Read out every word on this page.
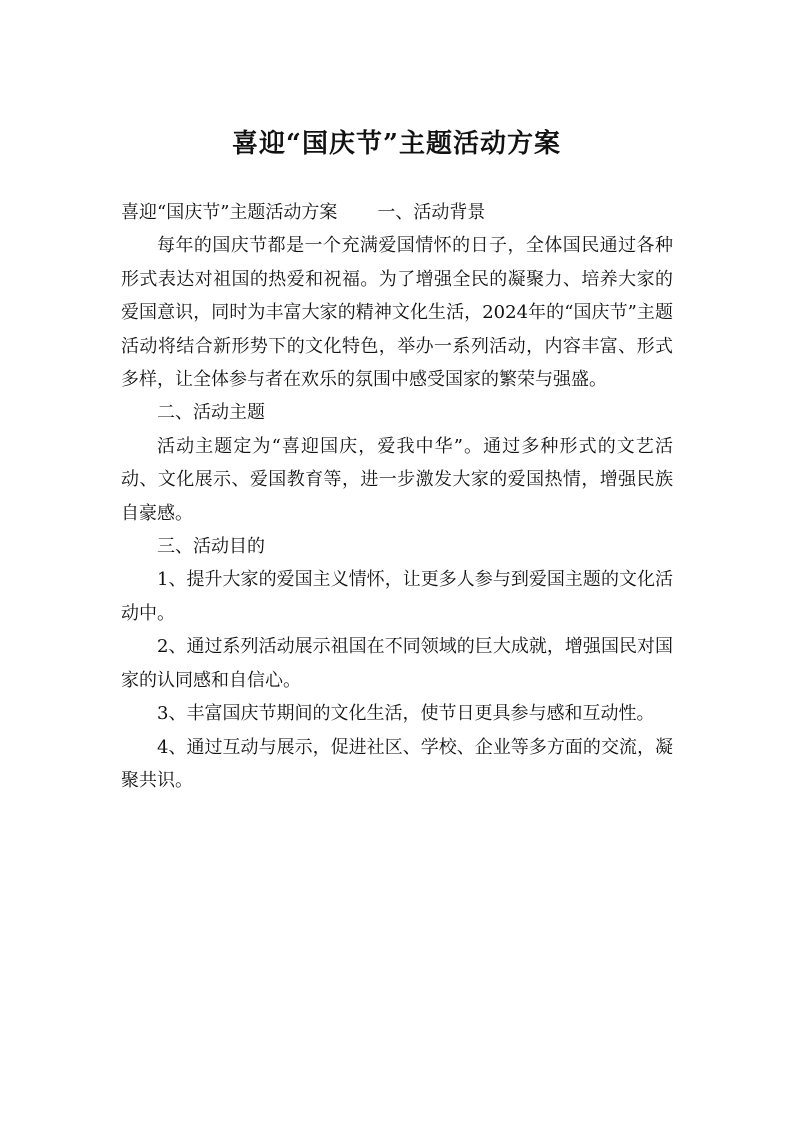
喜迎“国庆节”主题活动方案

喜迎“国庆节”主题活动方案 一、活动背景

每年的国庆节都是一个充满爱国情怀的日子，全体国民通过各种形式表达对祖国的热爱和祝福。为了增强全民的凝聚力、培养大家的爱国意识，同时为丰富大家的精神文化生活，2024年的“国庆节”主题活动将结合新形势下的文化特色，举办一系列活动，内容丰富、形式多样，让全体参与者在欢乐的氛围中感受国家的繁荣与强盛。

二、活动主题

活动主题定为“喜迎国庆，爱我中华”。通过多种形式的文艺活动、文化展示、爱国教育等，进一步激发大家的爱国热情，增强民族自豪感。

三、活动目的

1、提升大家的爱国主义情怀，让更多人参与到爱国主题的文化活动中。

2、通过系列活动展示祖国在不同领域的巨大成就，增强国民对国家的认同感和自信心。

3、丰富国庆节期间的文化生活，使节日更具参与感和互动性。

4、通过互动与展示，促进社区、学校、企业等多方面的交流，凝聚共识。
